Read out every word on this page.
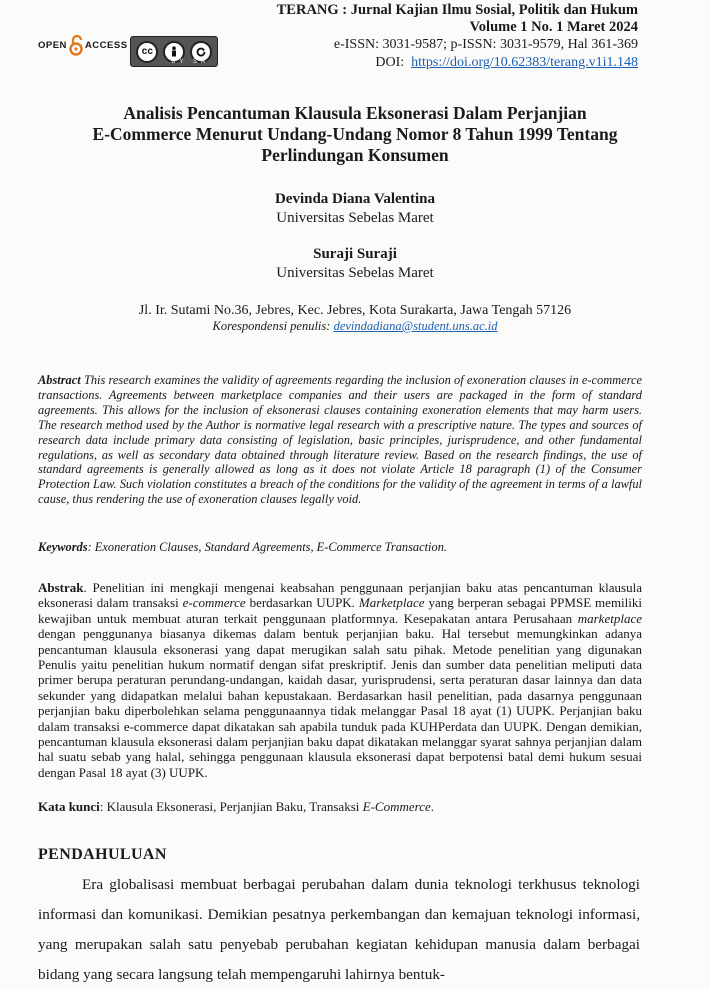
OPEN ACCESS
cc
BY SA
TERANG : Jurnal Kajian Ilmu Sosial, Politik dan Hukum
Volume 1 No. 1 Maret 2024
e-ISSN: 3031-9587; p-ISSN: 3031-9579, Hal 361-369
DOI: https://doi.org/10.62383/terang.v1i1.148
Analisis Pencantuman Klausula Eksonerasi Dalam Perjanjian
E-Commerce Menurut Undang-Undang Nomor 8 Tahun 1999 Tentang
Perlindungan Konsumen
Devinda Diana Valentina
Universitas Sebelas Maret
Suraji Suraji
Universitas Sebelas Maret
Jl. Ir. Sutami No.36, Jebres, Kec. Jebres, Kota Surakarta, Jawa Tengah 57126
Korespondensi penulis: devindadiana@student.uns.ac.id
Abstract This research examines the validity of agreements regarding the inclusion of exoneration clauses in e-commerce transactions. Agreements between marketplace companies and their users are packaged in the form of standard agreements. This allows for the inclusion of eksonerasi clauses containing exoneration elements that may harm users. The research method used by the Author is normative legal research with a prescriptive nature. The types and sources of research data include primary data consisting of legislation, basic principles, jurisprudence, and other fundamental regulations, as well as secondary data obtained through literature review. Based on the research findings, the use of standard agreements is generally allowed as long as it does not violate Article 18 paragraph (1) of the Consumer Protection Law. Such violation constitutes a breach of the conditions for the validity of the agreement in terms of a lawful cause, thus rendering the use of exoneration clauses legally void.
Keywords: Exoneration Clauses, Standard Agreements, E-Commerce Transaction.
Abstrak. Penelitian ini mengkaji mengenai keabsahan penggunaan perjanjian baku atas pencantuman klausula eksonerasi dalam transaksi e-commerce berdasarkan UUPK. Marketplace yang berperan sebagai PPMSE memiliki kewajiban untuk membuat aturan terkait penggunaan platformnya. Kesepakatan antara Perusahaan marketplace dengan penggunanya biasanya dikemas dalam bentuk perjanjian baku. Hal tersebut memungkinkan adanya pencantuman klausula eksonerasi yang dapat merugikan salah satu pihak. Metode penelitian yang digunakan Penulis yaitu penelitian hukum normatif dengan sifat preskriptif. Jenis dan sumber data penelitian meliputi data primer berupa peraturan perundang-undangan, kaidah dasar, yurisprudensi, serta peraturan dasar lainnya dan data sekunder yang didapatkan melalui bahan kepustakaan. Berdasarkan hasil penelitian, pada dasarnya penggunaan perjanjian baku diperbolehkan selama penggunaannya tidak melanggar Pasal 18 ayat (1) UUPK. Perjanjian baku dalam transaksi e-commerce dapat dikatakan sah apabila tunduk pada KUHPerdata dan UUPK. Dengan demikian, pencantuman klausula eksonerasi dalam perjanjian baku dapat dikatakan melanggar syarat sahnya perjanjian dalam hal suatu sebab yang halal, sehingga penggunaan klausula eksonerasi dapat berpotensi batal demi hukum sesuai dengan Pasal 18 ayat (3) UUPK.
Kata kunci: Klausula Eksonerasi, Perjanjian Baku, Transaksi E-Commerce.
PENDAHULUAN
Era globalisasi membuat berbagai perubahan dalam dunia teknologi terkhusus teknologi informasi dan komunikasi. Demikian pesatnya perkembangan dan kemajuan teknologi informasi, yang merupakan salah satu penyebab perubahan kegiatan kehidupan manusia dalam berbagai bidang yang secara langsung telah mempengaruhi lahirnya bentuk-
